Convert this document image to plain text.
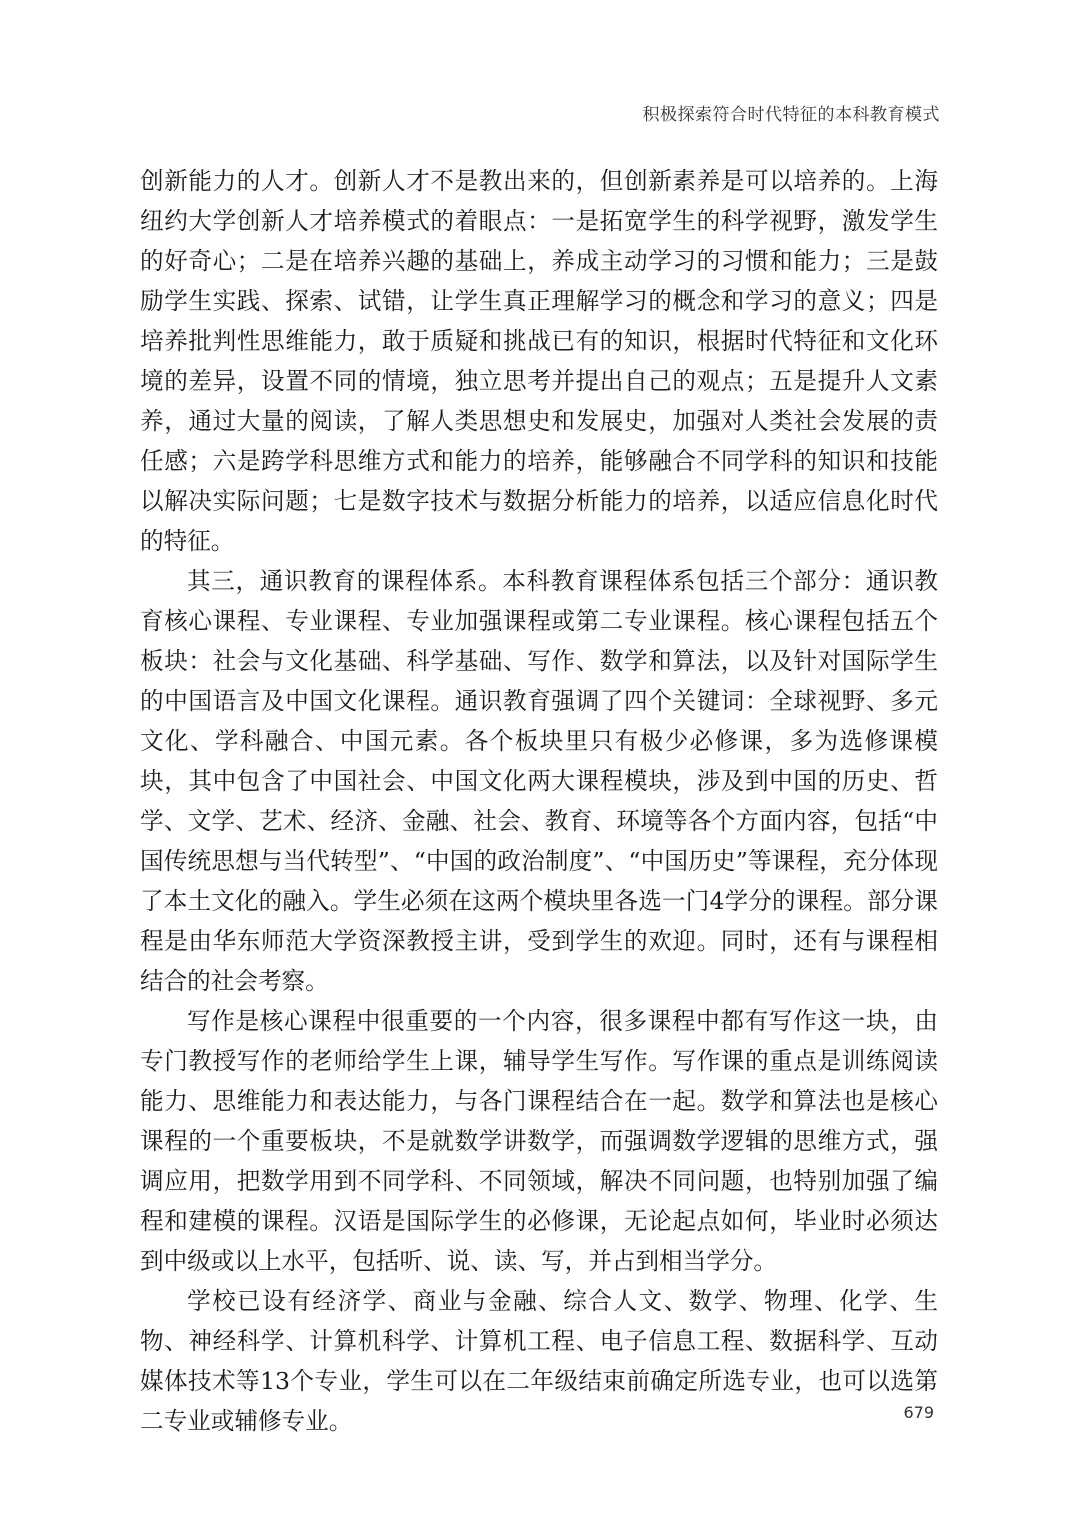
积极探索符合时代特征的本科教育模式

创新能力的人才。创新人才不是教出来的，但创新素养是可以培养的。上海纽约大学创新人才培养模式的着眼点：一是拓宽学生的科学视野，激发学生的好奇心；二是在培养兴趣的基础上，养成主动学习的习惯和能力；三是鼓励学生实践、探索、试错，让学生真正理解学习的概念和学习的意义；四是培养批判性思维能力，敢于质疑和挑战已有的知识，根据时代特征和文化环境的差异，设置不同的情境，独立思考并提出自己的观点；五是提升人文素养，通过大量的阅读，了解人类思想史和发展史，加强对人类社会发展的责任感；六是跨学科思维方式和能力的培养，能够融合不同学科的知识和技能以解决实际问题；七是数字技术与数据分析能力的培养，以适应信息化时代的特征。

其三，通识教育的课程体系。本科教育课程体系包括三个部分：通识教育核心课程、专业课程、专业加强课程或第二专业课程。核心课程包括五个板块：社会与文化基础、科学基础、写作、数学和算法，以及针对国际学生的中国语言及中国文化课程。通识教育强调了四个关键词：全球视野、多元文化、学科融合、中国元素。各个板块里只有极少必修课，多为选修课模块，其中包含了中国社会、中国文化两大课程模块，涉及到中国的历史、哲学、文学、艺术、经济、金融、社会、教育、环境等各个方面内容，包括“中国传统思想与当代转型”、“中国的政治制度”、“中国历史”等课程，充分体现了本土文化的融入。学生必须在这两个模块里各选一门4学分的课程。部分课程是由华东师范大学资深教授主讲，受到学生的欢迎。同时，还有与课程相结合的社会考察。

写作是核心课程中很重要的一个内容，很多课程中都有写作这一块，由专门教授写作的老师给学生上课，辅导学生写作。写作课的重点是训练阅读能力、思维能力和表达能力，与各门课程结合在一起。数学和算法也是核心课程的一个重要板块，不是就数学讲数学，而强调数学逻辑的思维方式，强调应用，把数学用到不同学科、不同领域，解决不同问题，也特别加强了编程和建模的课程。汉语是国际学生的必修课，无论起点如何，毕业时必须达到中级或以上水平，包括听、说、读、写，并占到相当学分。

学校已设有经济学、商业与金融、综合人文、数学、物理、化学、生物、神经科学、计算机科学、计算机工程、电子信息工程、数据科学、互动媒体技术等13个专业，学生可以在二年级结束前确定所选专业，也可以选第二专业或辅修专业。	679
